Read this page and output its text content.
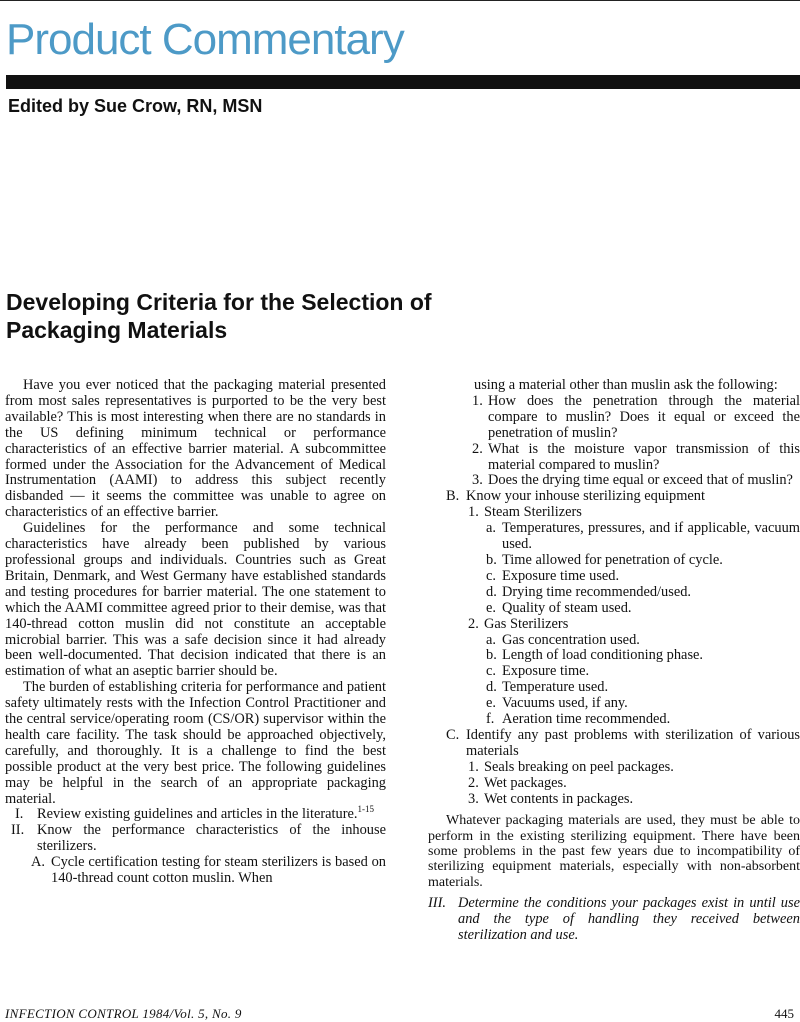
Product Commentary
Edited by Sue Crow, RN, MSN
Developing Criteria for the Selection of
Packaging Materials

Have you ever noticed that the packaging material presented from most sales representatives is purported to be the very best available? This is most interesting when there are no standards in the US defining minimum technical or performance characteristics of an effective barrier material. A subcommittee formed under the Association for the Advancement of Medical Instrumentation (AAMI) to address this subject recently disbanded — it seems the committee was unable to agree on characteristics of an effective barrier.

Guidelines for the performance and some technical characteristics have already been published by various professional groups and individuals. Countries such as Great Britain, Denmark, and West Germany have established standards and testing procedures for barrier material. The one statement to which the AAMI committee agreed prior to their demise, was that 140-thread cotton muslin did not constitute an acceptable microbial barrier. This was a safe decision since it had already been well-documented. That decision indicated that there is an estimation of what an aseptic barrier should be.

The burden of establishing criteria for performance and patient safety ultimately rests with the Infection Control Practitioner and the central service/operating room (CS/OR) supervisor within the health care facility. The task should be approached objectively, carefully, and thoroughly. It is a challenge to find the best possible product at the very best price. The following guidelines may be helpful in the search of an appropriate packaging material.

I. Review existing guidelines and articles in the literature.$^{1-15}$

II. Know the performance characteristics of the inhouse sterilizers.

A. Cycle certification testing for steam sterilizers is based on 140-thread count cotton muslin. When

using a material other than muslin ask the following:

1. How does the penetration through the material compare to muslin? Does it equal or exceed the penetration of muslin?

2. What is the moisture vapor transmission of this material compared to muslin?

3. Does the drying time equal or exceed that of muslin?

B. Know your inhouse sterilizing equipment

1. Steam Sterilizers

a. Temperatures, pressures, and if applicable, vacuum used.

b. Time allowed for penetration of cycle.

c. Exposure time used.

d. Drying time recommended/used.

e. Quality of steam used.

2. Gas Sterilizers

a. Gas concentration used.

b. Length of load conditioning phase.

c. Exposure time.

d. Temperature used.

e. Vacuums used, if any.

f. Aeration time recommended.

C. Identify any past problems with sterilization of various materials

1. Seals breaking on peel packages.

2. Wet packages.

3. Wet contents in packages.

Whatever packaging materials are used, they must be able to perform in the existing sterilizing equipment. There have been some problems in the past few years due to incompatibility of sterilizing equipment materials, especially with non-absorbent materials.

III. Determine the conditions your packages exist in until use and the type of handling they received between sterilization and use.

INFECTION CONTROL 1984/Vol. 5, No. 9	445
